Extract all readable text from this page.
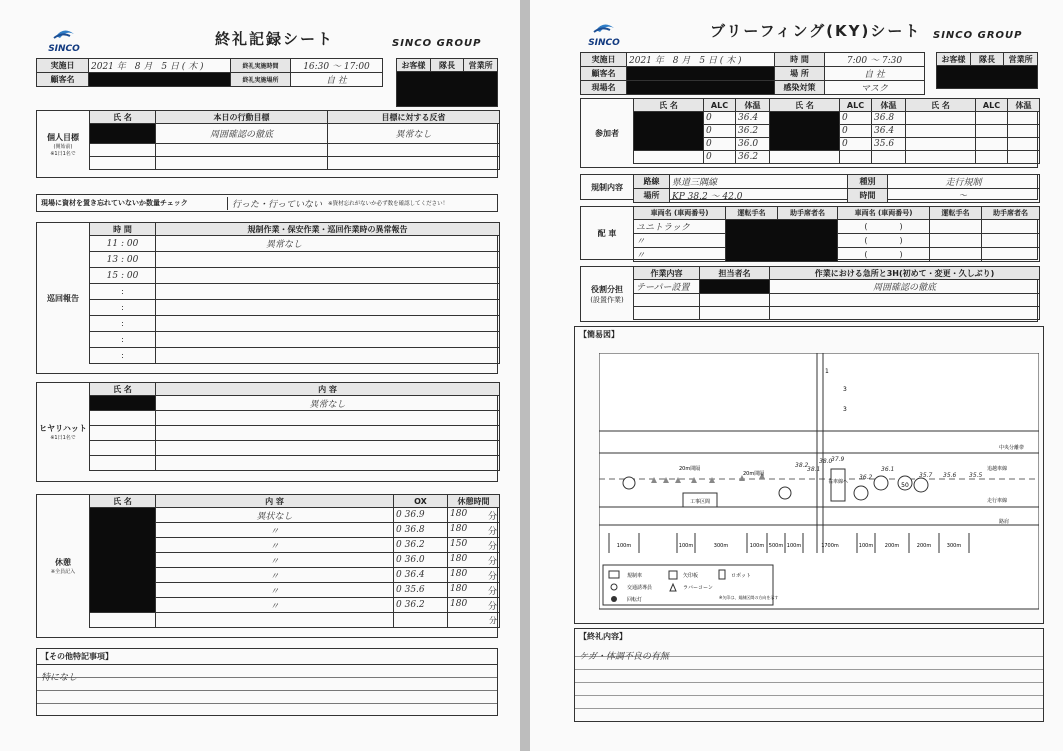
SINCO
終礼記録シート	SINCO GROUP
実施日	2021 年　8 月　5 日 ( 木 )	終礼実施時間	16:30 〜 17:00
顧客名		終礼実施場所	自 社
お客様	隊長	営業所

個人目標
(開始前)
※1日1名で
氏 名	本日の行動目標	目標に対する反省
	周囲確認の徹底	異常なし

現場に資材を置き忘れていないか数量チェック	行った・行っていない	※資材忘れがないか必ず数を確認してください！
巡回報告
時 間	規制作業・保安作業・巡回作業時の異常報告
11 : 00	異常なし
13 : 00	
15 : 00	
:	
:	
:	
:	
:	
ヒヤリハット
※1日1名で
氏 名	内 容
	異常なし

休憩
※全員記入
氏 名	内 容	OX	休憩時間
	異状なし	0 36.9	180 分

	〃	0 36.8	180 分

	〃	0 36.2	150 分

	〃	0 36.0	180 分

	〃	0 36.4	180 分

	〃	0 35.6	180 分

	〃	0 36.2	180 分

			分
【その他特記事項】
特になし
SINCO
ブリーフィング(KY)シート SINCO GROUP
実施日	2021 年　8 月　5 日 ( 木 )	時 間	7:00 〜 7:30
顧客名		場 所	自 社
現場名		感染対策	マスク
お客様	隊長	営業所

参加者
氏 名	ALC	体温	氏 名	ALC	体温	氏 名	ALC	体温
	0	36.4		0	36.8			
	0	36.2		0	36.4			
	0	36.0		0	35.6			
	0	36.2						
規制内容
路線	県道三隅線	種別	走行規制
場所	KP 38.2 〜 42.0	時間	〜
配 車
車両名 (車両番号)	運転手名	助手席者名	車両名 (車両番号)	運転手名	助手席者名
ユニトラック			(　　　　)		
〃			(　　　　)		
〃			(　　　　)		
役割分担
(設置作業)
作業内容	担当者名	作業における急所と3H(初めて・変更・久しぶり)
テーパー設置		周囲確認の徹底

【簡易図】
工事区間
20m間隔
20m間隔
右車線へ	50
追越車線
走行車線
路肩
中央分離帯
1
3
3
38.2
38.1
38.0
37.9
36.2
36.1
35.7 35.6 35.5
100m	100m	300m	100m 500m 100m	1700m	100m 200m	200m	300m
規制車	矢印板	ロボット
交通誘導員	ラバーコーン
回転灯	※矢印は、規制区間の方向を示す
【終礼内容】
ケガ・体調不良の有無
